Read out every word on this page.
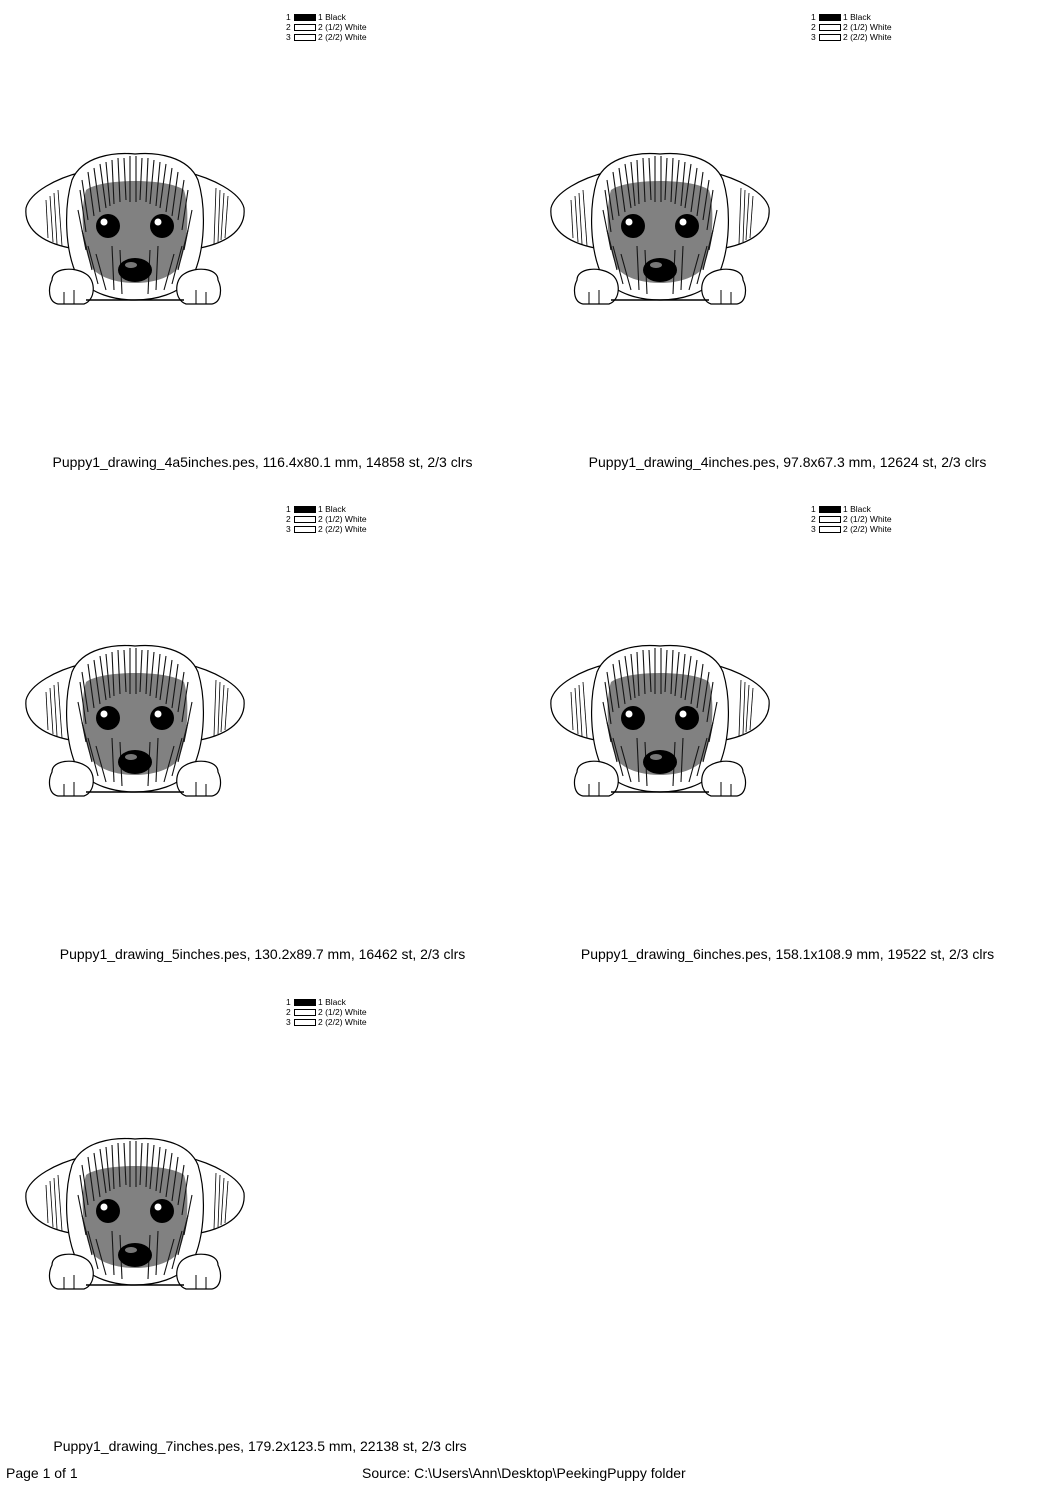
1	1 Black
2	2 (1/2) White
3	2 (2/2) White
Puppy1_drawing_4a5inches.pes, 116.4x80.1 mm, 14858 st, 2/3 clrs
1	1 Black
2	2 (1/2) White
3	2 (2/2) White
Puppy1_drawing_4inches.pes, 97.8x67.3 mm, 12624 st, 2/3 clrs
1	1 Black
2	2 (1/2) White
3	2 (2/2) White
Puppy1_drawing_5inches.pes, 130.2x89.7 mm, 16462 st, 2/3 clrs
1	1 Black
2	2 (1/2) White
3	2 (2/2) White
Puppy1_drawing_6inches.pes, 158.1x108.9 mm, 19522 st, 2/3 clrs
1	1 Black
2	2 (1/2) White
3	2 (2/2) White
Puppy1_drawing_7inches.pes, 179.2x123.5 mm, 22138 st, 2/3 clrs
Page 1 of 1	Source: C:\Users\Ann\Desktop\PeekingPuppy folder
